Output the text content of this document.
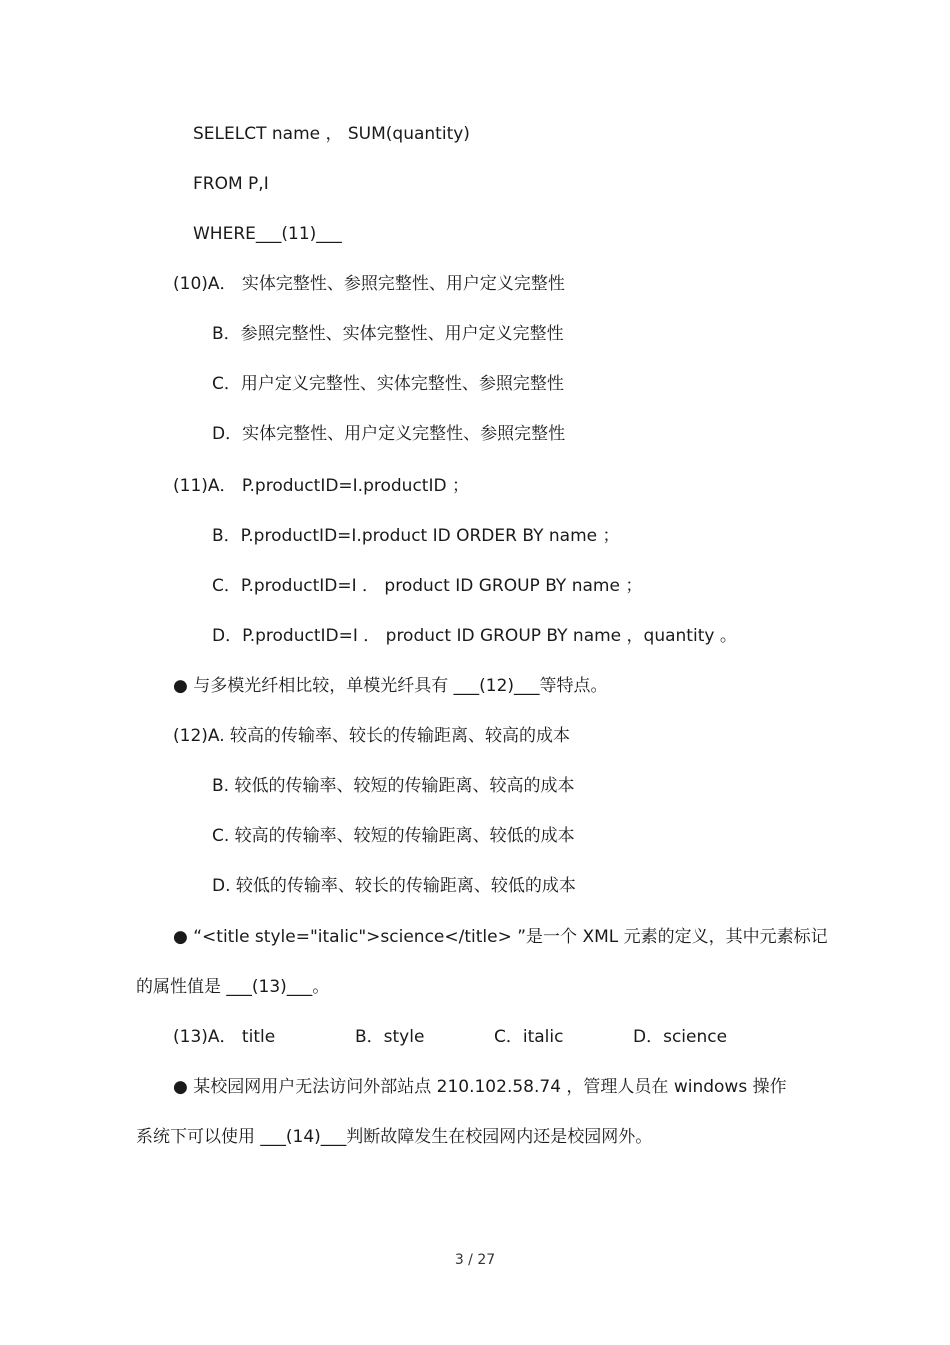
SELELCT name ， SUM(quantity)
FROM P,I
WHERE___(11)___
(10)A． 实体完整性、参照完整性、用户定义完整性
B．参照完整性、实体完整性、用户定义完整性
C．用户定义完整性、实体完整性、参照完整性
D．实体完整性、用户定义完整性、参照完整性
(11)A． P.productID=I.productID ；
B．P.productID=I.product ID ORDER BY name ；
C．P.productID=I ． product ID GROUP BY name ；
D．P.productID=I ． product ID GROUP BY name ，quantity 。
● 与多模光纤相比较，单模光纤具有 ___(12)___等特点。
(12)A. 较高的传输率、较长的传输距离、较高的成本
B. 较低的传输率、较短的传输距离、较高的成本
C. 较高的传输率、较短的传输距离、较低的成本
D. 较低的传输率、较长的传输距离、较低的成本
● “<title style="italic">science</title> ”是一个 XML 元素的定义，其中元素标记
的属性值是 ___(13)___。
(13)A． title	B．style	C．italic	D．science
● 某校园网用户无法访问外部站点 210.102.58.74 ，管理人员在 windows 操作
系统下可以使用 ___(14)___判断故障发生在校园网内还是校园网外。
3 / 27
